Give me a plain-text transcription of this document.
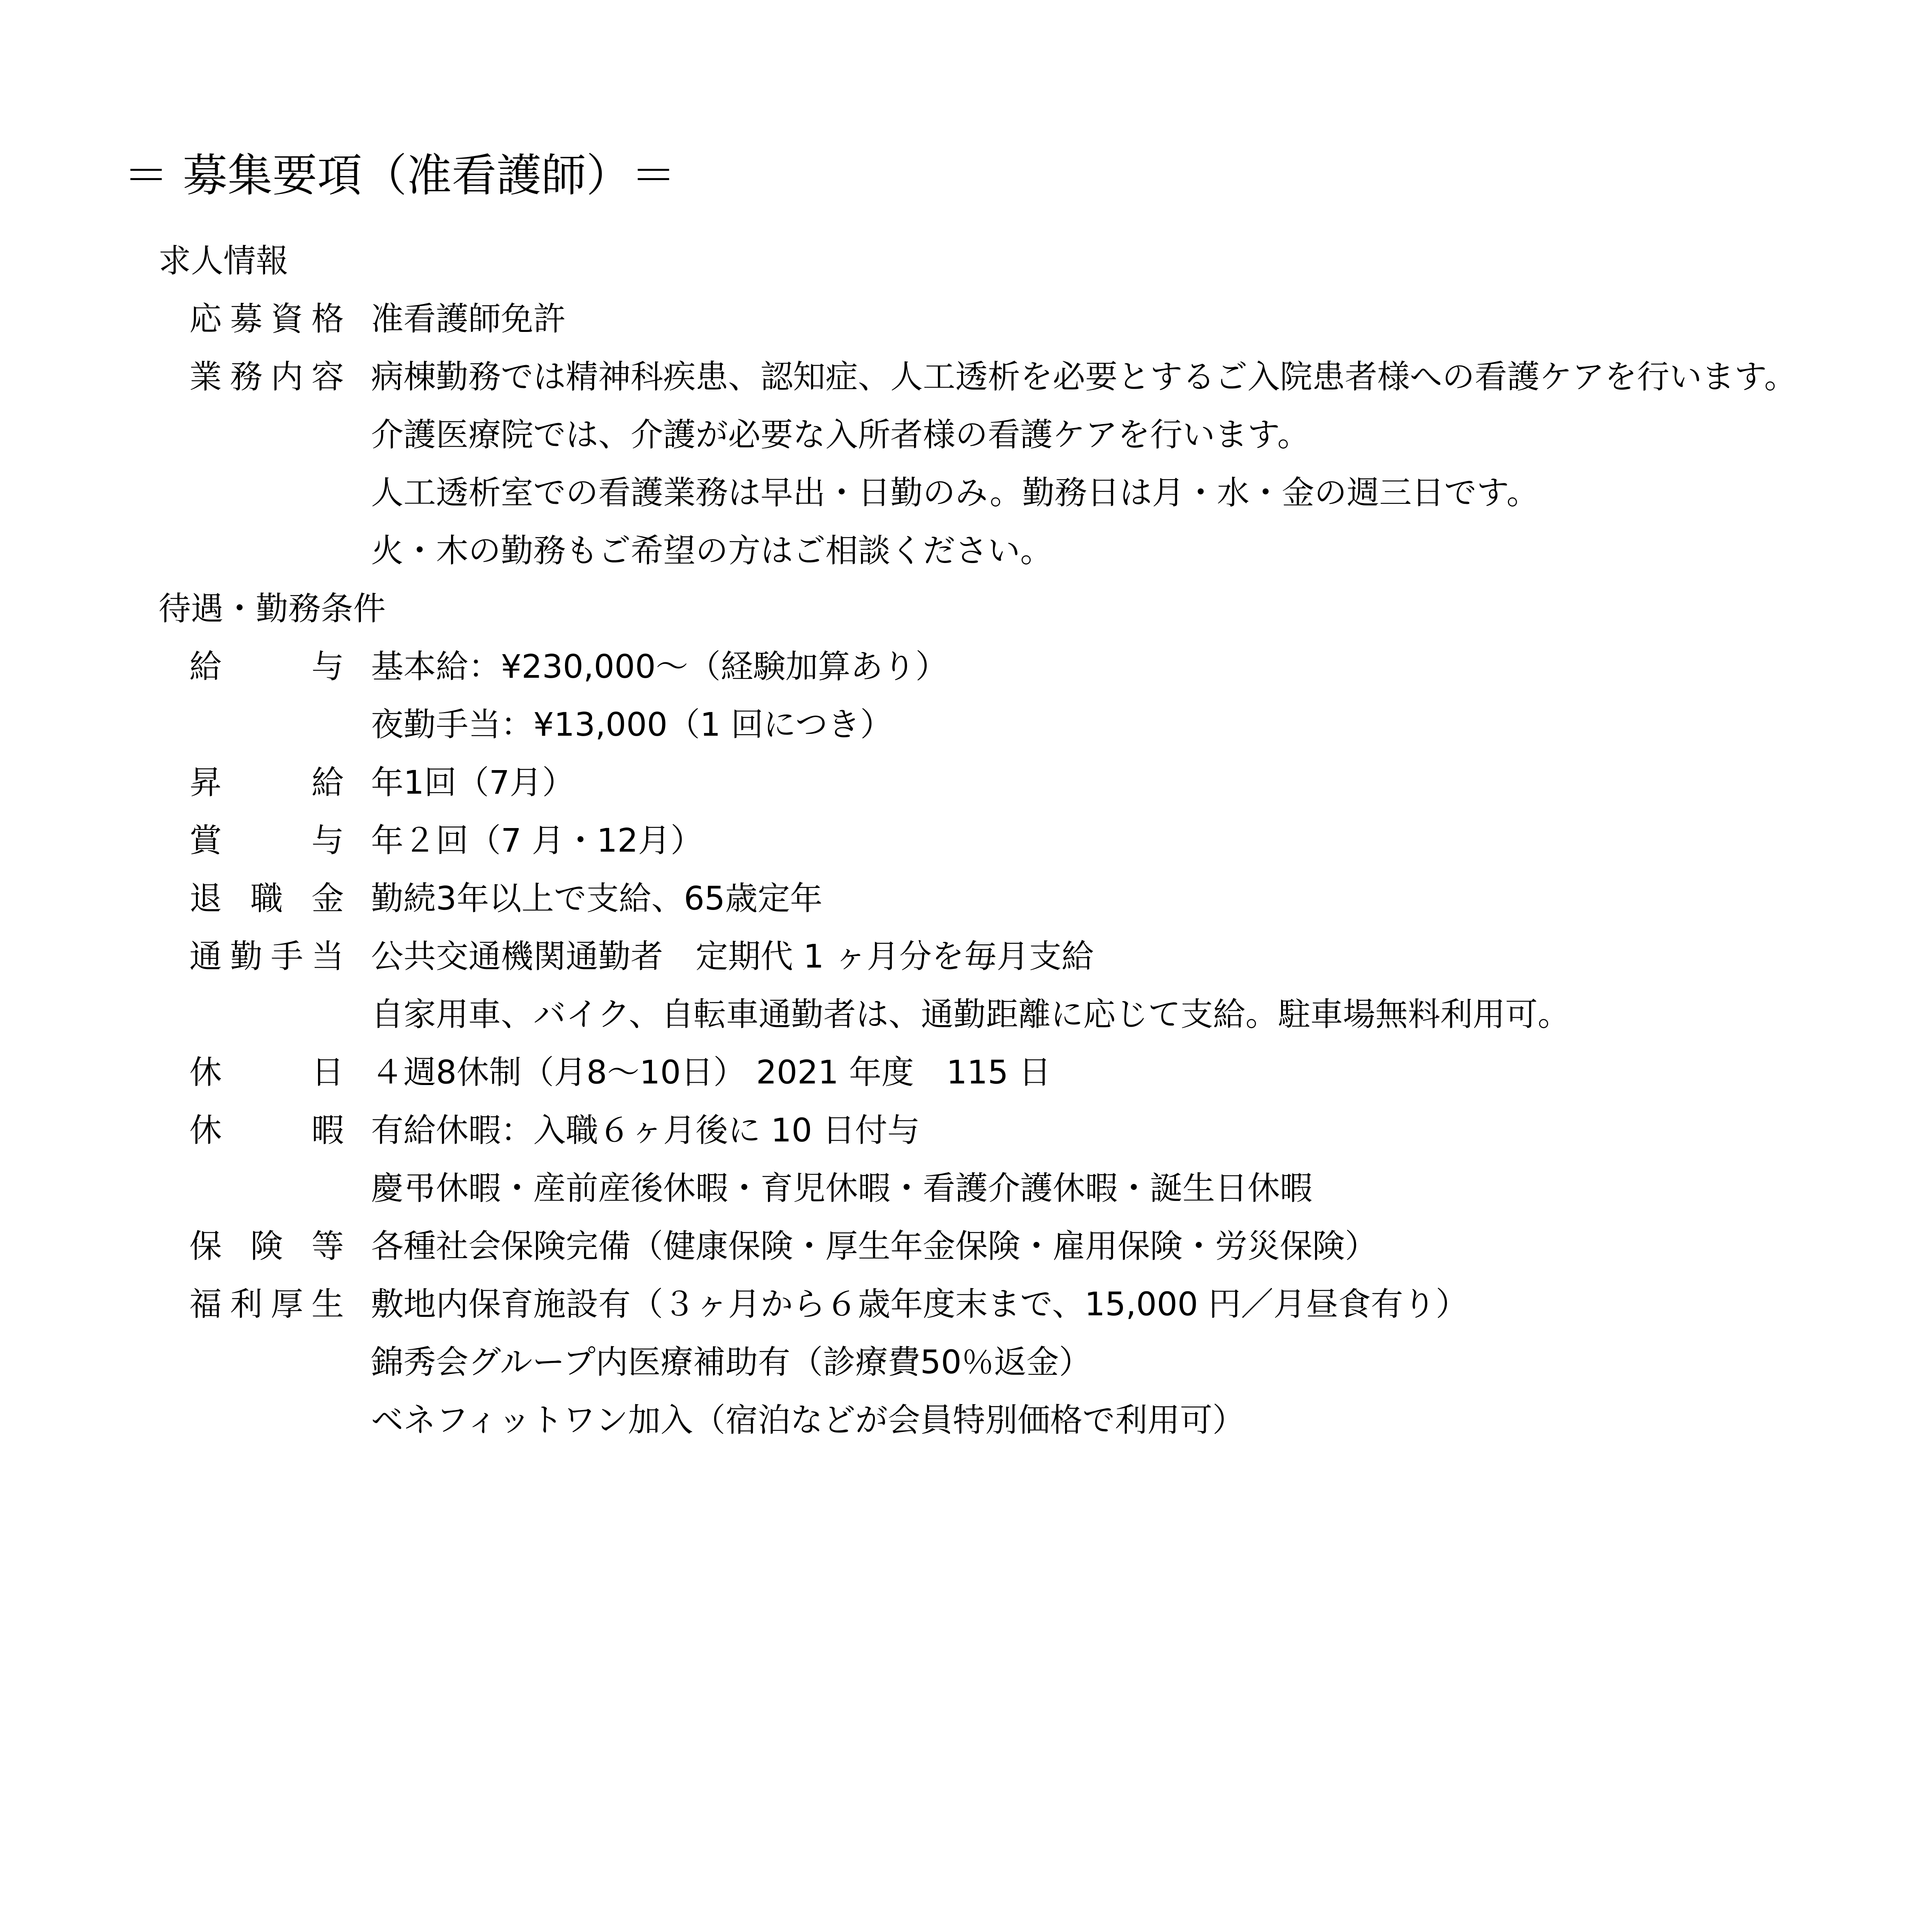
＝ 募集要項（准看護師）＝
求人情報
応募資格 准看護師免許
業務内容 病棟勤務では精神科疾患、認知症、人工透析を必要とするご入院患者様への看護ケアを行います。
介護医療院では、介護が必要な入所者様の看護ケアを行います。
人工透析室での看護業務は早出・日勤のみ。勤務日は月・水・金の週三日です。
火・木の勤務もご希望の方はご相談ください。
待遇・勤務条件
給　与 基本給：¥230,000～（経験加算あり）
夜勤手当：¥13,000（1 回につき）
昇　給 年1回（7月）
賞　与 年２回（7 月・12月）
退 職 金 勤続3年以上で支給、65歳定年
通勤手当 公共交通機関通勤者　定期代 1 ヶ月分を毎月支給
自家用車、バイク、自転車通勤者は、通勤距離に応じて支給。駐車場無料利用可。
休　日 ４週8休制（月8～10日） 2021 年度　115 日
休　暇 有給休暇：入職６ヶ月後に 10 日付与
慶弔休暇・産前産後休暇・育児休暇・看護介護休暇・誕生日休暇
保 険 等 各種社会保険完備（健康保険・厚生年金保険・雇用保険・労災保険）
福利厚生 敷地内保育施設有（３ヶ月から６歳年度末まで、15,000 円／月昼食有り）
錦秀会グループ内医療補助有（診療費50％返金）
ベネフィットワン加入（宿泊などが会員特別価格で利用可）
